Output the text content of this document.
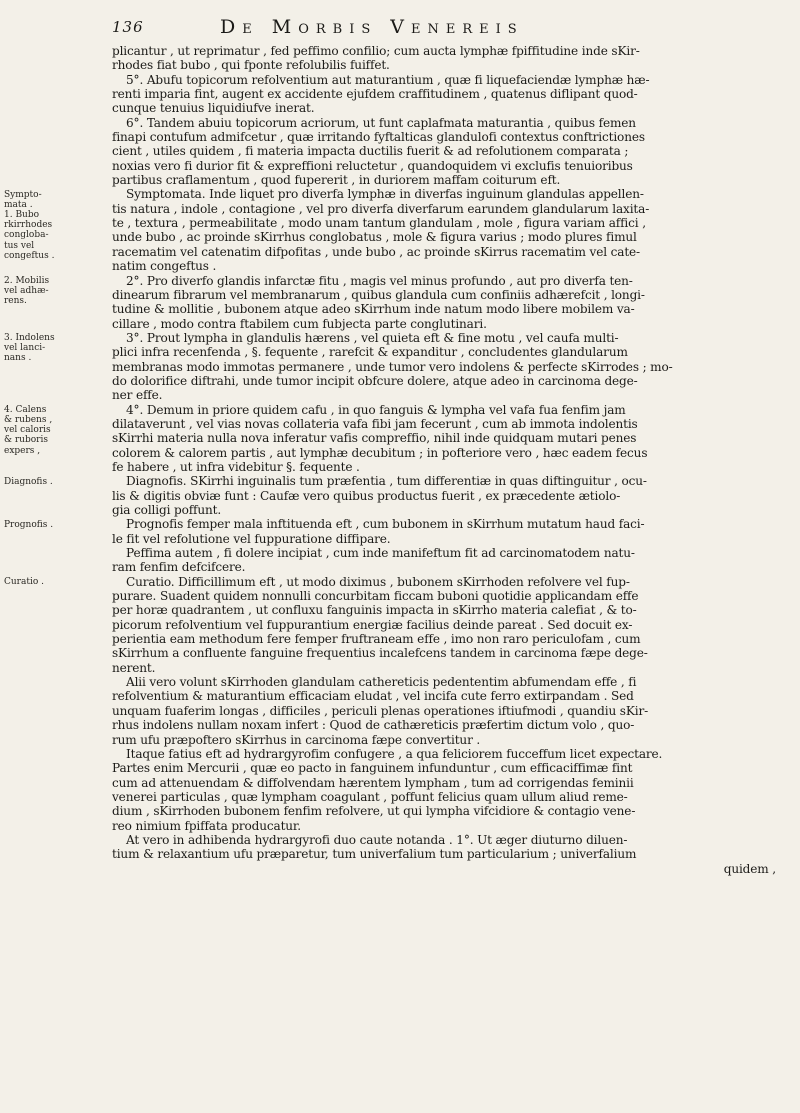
136	De Morbis Venereis
Sympto-
mata .
1. Bubo
rkirrhodes
congloba-
tus vel
congeftus .
2. Mobilis
vel adhæ-
rens.
3. Indolens
vel lanci-
nans .
4. Calens
& rubens ,
vel caloris
& ruboris
expers ,
Diagnofis .
Prognofis .
Curatio .
plicantur , ut reprimatur , fed peffimo confilio; cum aucta lymphæ fpiffitudine inde sKir-
rhodes fiat bubo , qui fponte refolubilis fuiffet.
5°. Abufu topicorum refolventium aut maturantium , quæ fi liquefaciendæ lymphæ hæ-
renti imparia fint, augent ex accidente ejufdem craffitudinem , quatenus diflipant quod-
cunque tenuius liquidiufve inerat.
6°. Tandem abuiu topicorum acriorum, ut funt caplafmata maturantia , quibus femen
finapi contufum admifcetur , quæ irritando fyftalticas glandulofi contextus conftrictiones
cient , utiles quidem , fi materia impacta ductilis fuerit & ad refolutionem comparata ;
noxias vero fi durior fit & expreffioni reluctetur , quandoquidem vi exclufis tenuioribus
partibus craflamentum , quod fupererit , in duriorem maffam coiturum eft.
Symptomata. Inde liquet pro diverfa lymphæ in diverfas inguinum glandulas appellen-
tis natura , indole , contagione , vel pro diverfa diverfarum earundem glandularum laxita-
te , textura , permeabilitate , modo unam tantum glandulam , mole , figura variam affici ,
unde bubo , ac proinde sKirrhus conglobatus , mole & figura varius ; modo plures fimul
racematim vel catenatim difpofitas , unde bubo , ac proinde sKirrus racematim vel cate-
natim congeftus .
2°. Pro diverfo glandis infarctæ fitu , magis vel minus profundo , aut pro diverfa ten-
dinearum fibrarum vel membranarum , quibus glandula cum confiniis adhærefcit , longi-
tudine & mollitie , bubonem atque adeo sKirrhum inde natum modo libere mobilem va-
cillare , modo contra ftabilem cum fubjecta parte conglutinari.
3°. Prout lympha in glandulis hærens , vel quieta eft & fine motu , vel caufa multi-
plici infra recenfenda , §. fequente , rarefcit & expanditur , concludentes glandularum
membranas modo immotas permanere , unde tumor vero indolens & perfecte sKirrodes ; mo-
do dolorifice diftrahi, unde tumor incipit obfcure dolere, atque adeo in carcinoma dege-
ner effe.
4°. Demum in priore quidem cafu , in quo fanguis & lympha vel vafa fua fenfim jam
dilataverunt , vel vias novas collateria vafa fibi jam fecerunt , cum ab immota indolentis
sKirrhi materia nulla nova inferatur vafis compreffio, nihil inde quidquam mutari penes
colorem & calorem partis , aut lymphæ decubitum ; in pofteriore vero , hæc eadem fecus
fe habere , ut infra videbitur §. fequente .
Diagnofis. SKirrhi inguinalis tum præfentia , tum differentiæ in quas diftinguitur , ocu-
lis & digitis obviæ funt : Caufæ vero quibus productus fuerit , ex præcedente ætiolo-
gia colligi poffunt.
Prognofis femper mala inftituenda eft , cum bubonem in sKirrhum mutatum haud faci-
le fit vel refolutione vel fuppuratione diffipare.
Peffima autem , fi dolere incipiat , cum inde manifeftum fit ad carcinomatodem natu-
ram fenfim defcifcere.
Curatio. Difficillimum eft , ut modo diximus , bubonem sKirrhoden refolvere vel fup-
purare. Suadent quidem nonnulli concurbitam ficcam buboni quotidie applicandam effe
per horæ quadrantem , ut confluxu fanguinis impacta in sKirrho materia calefiat , & to-
picorum refolventium vel fuppurantium energiæ facilius deinde pareat . Sed docuit ex-
perientia eam methodum fere femper fruftraneam effe , imo non raro periculofam , cum
sKirrhum a confluente fanguine frequentius incalefcens tandem in carcinoma fæpe dege-
nerent.
Alii vero volunt sKirrhoden glandulam cathereticis pedententim abfumendam effe , fi
refolventium & maturantium efficaciam eludat , vel incifa cute ferro extirpandam . Sed
unquam fuaferim longas , difficiles , periculi plenas operationes iftiufmodi , quandiu sKir-
rhus indolens nullam noxam infert : Quod de cathæreticis præfertim dictum volo , quo-
rum ufu præpoftero sKirrhus in carcinoma fæpe convertitur .
Itaque fatius eft ad hydrargyrofim confugere , a qua feliciorem fucceffum licet expectare.
Partes enim Mercurii , quæ eo pacto in fanguinem infunduntur , cum efficaciffimæ fint
cum ad attenuendam & diffolvendam hærentem lympham , tum ad corrigendas feminii
venerei particulas , quæ lympham coagulant , poffunt felicius quam ullum aliud reme-
dium , sKirrhoden bubonem fenfim refolvere, ut qui lympha vifcidiore & contagio vene-
reo nimium fpiffata producatur.
At vero in adhibenda hydrargyrofi duo caute notanda . 1°. Ut æger diuturno diluen-
tium & relaxantium ufu præparetur, tum univerfalium tum particularium ; univerfalium
quidem ,
